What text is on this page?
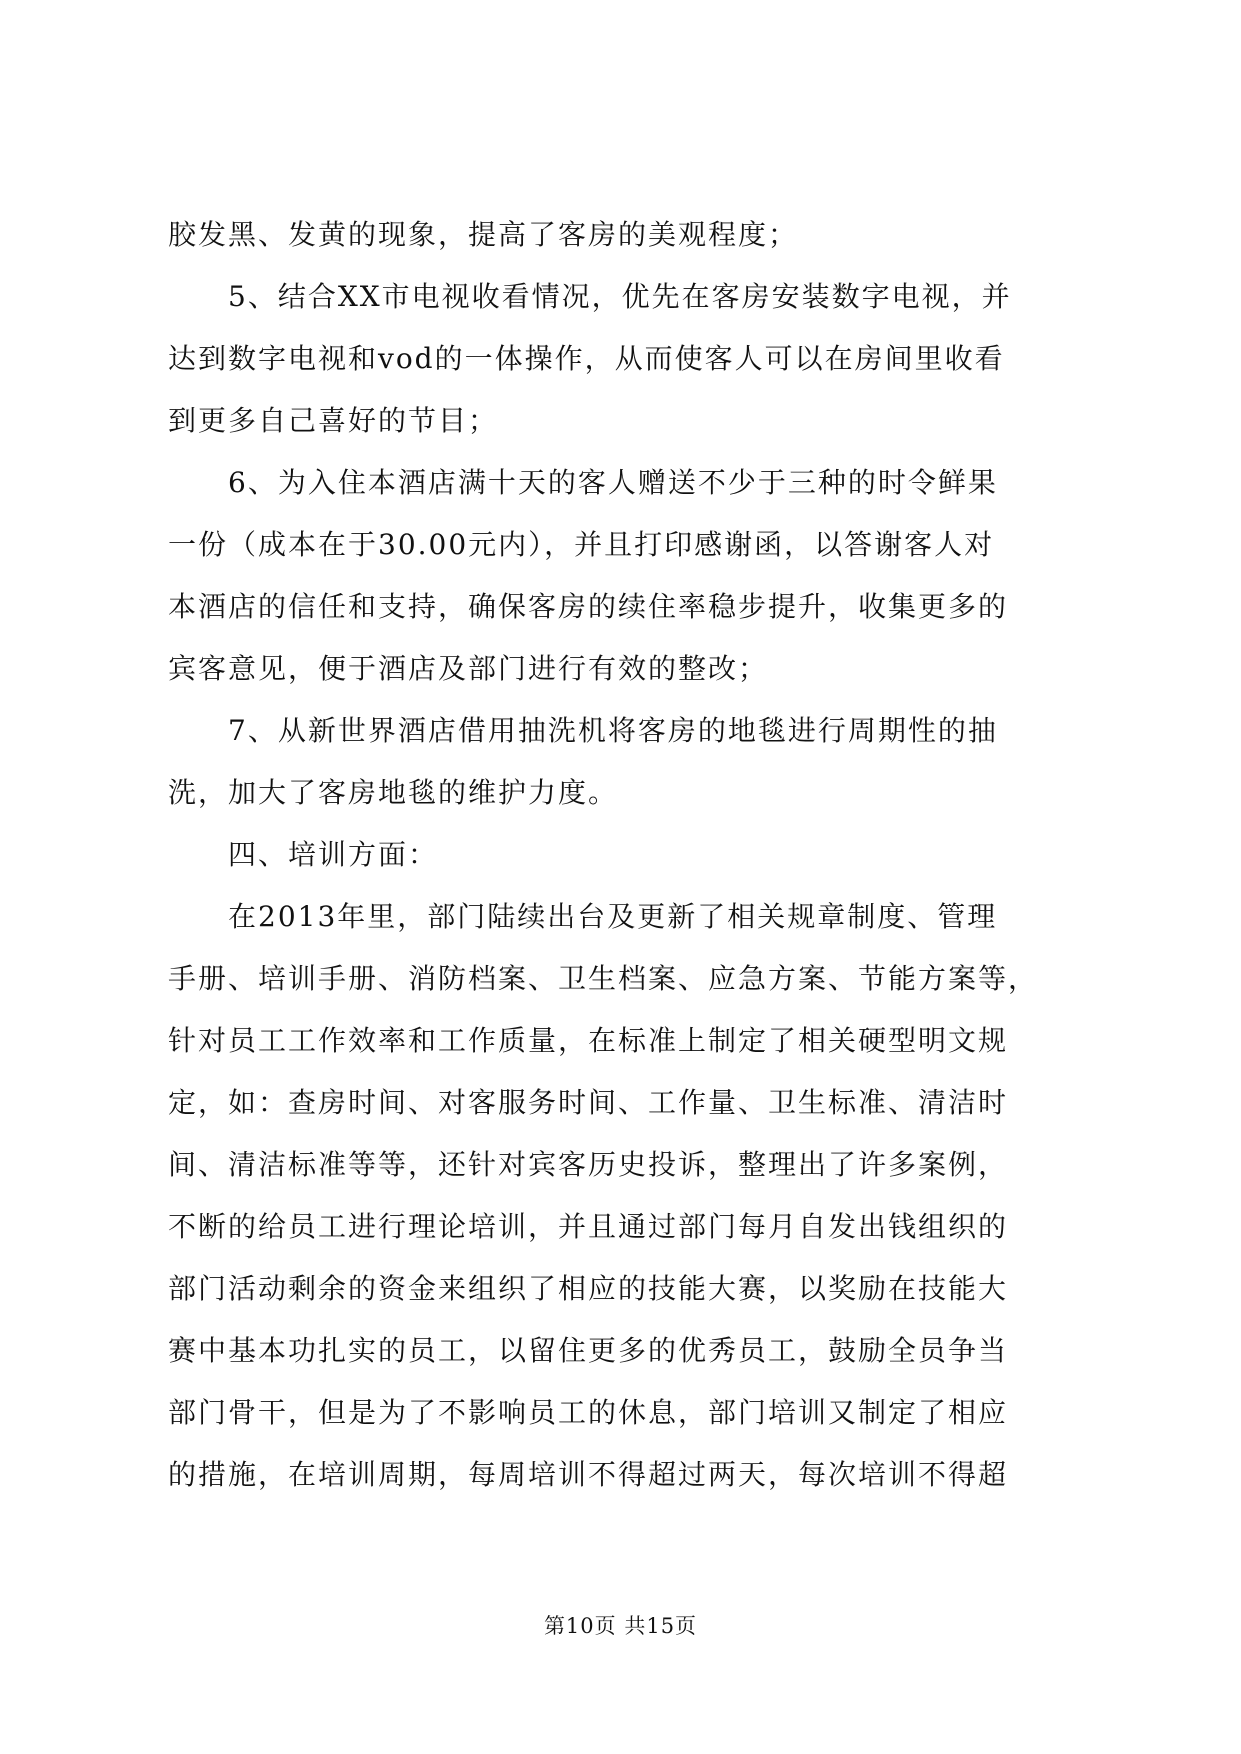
胶发黑、发黄的现象，提高了客房的美观程度；
5、结合XX市电视收看情况，优先在客房安装数字电视，并
达到数字电视和vod的一体操作，从而使客人可以在房间里收看
到更多自己喜好的节目；
6、为入住本酒店满十天的客人赠送不少于三种的时令鲜果
一份（成本在于30.00元内），并且打印感谢函，以答谢客人对
本酒店的信任和支持，确保客房的续住率稳步提升，收集更多的
宾客意见，便于酒店及部门进行有效的整改；
7、从新世界酒店借用抽洗机将客房的地毯进行周期性的抽
洗，加大了客房地毯的维护力度。
四、培训方面：
在2013年里，部门陆续出台及更新了相关规章制度、管理
手册、培训手册、消防档案、卫生档案、应急方案、节能方案等，
针对员工工作效率和工作质量，在标准上制定了相关硬型明文规
定，如：查房时间、对客服务时间、工作量、卫生标准、清洁时
间、清洁标准等等，还针对宾客历史投诉，整理出了许多案例，
不断的给员工进行理论培训，并且通过部门每月自发出钱组织的
部门活动剩余的资金来组织了相应的技能大赛，以奖励在技能大
赛中基本功扎实的员工，以留住更多的优秀员工，鼓励全员争当
部门骨干，但是为了不影响员工的休息，部门培训又制定了相应
的措施，在培训周期，每周培训不得超过两天，每次培训不得超
第10页 共15页
